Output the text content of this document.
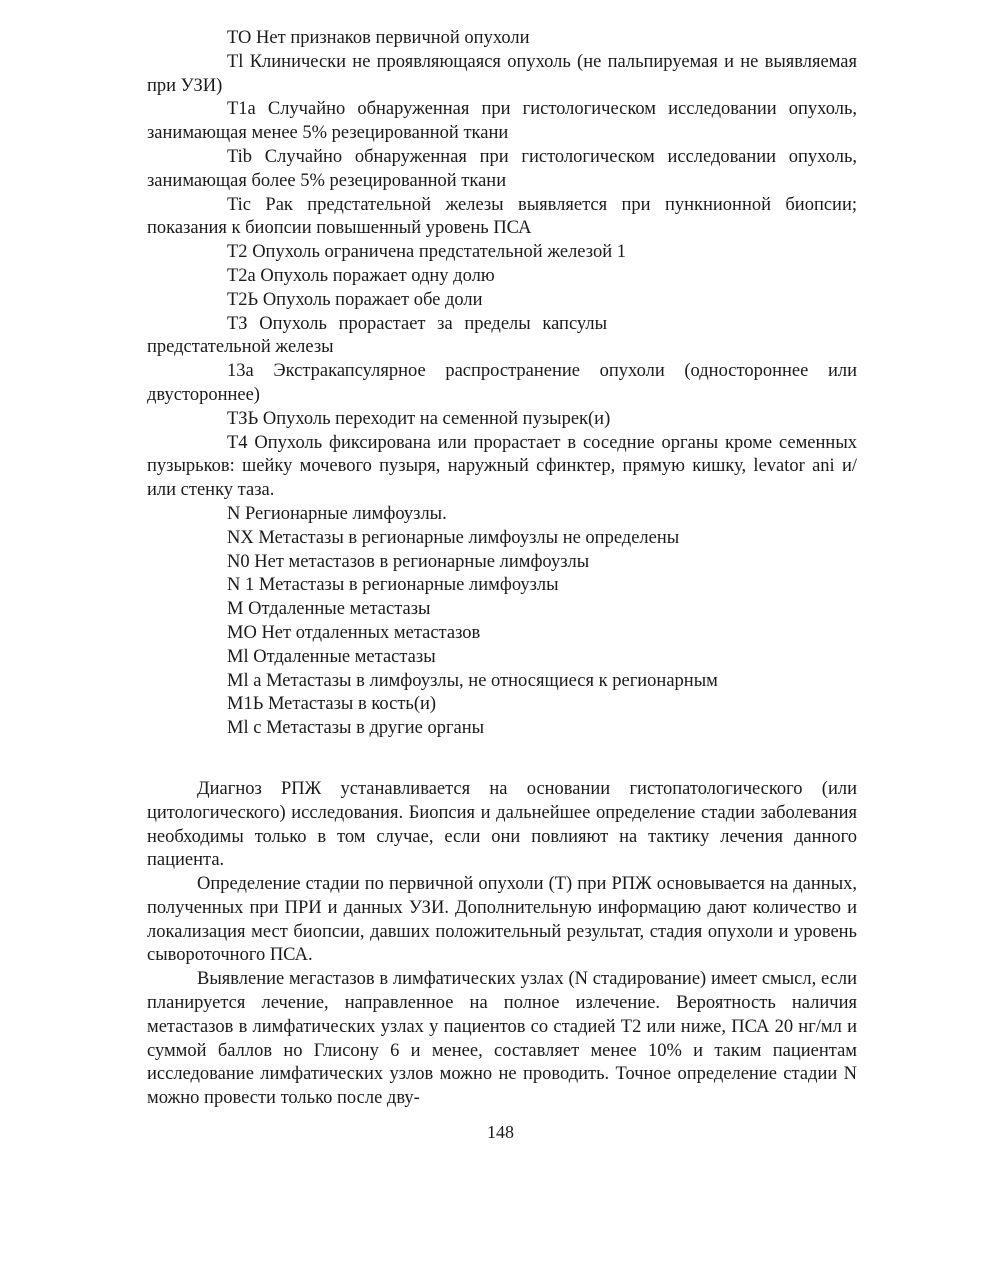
ТО Нет признаков первичной опухоли

Tl Клинически не проявляющаяся опухоль (не пальпируемая и не выявляемая при УЗИ)

Т1а Случайно обнаруженная при гистологическом исследовании опухоль, занимающая менее 5% резецированной ткани

Tib Случайно обнаруженная при гистологическом исследовании опухоль, занимающая более 5% резецированной ткани

Tic Рак предстательной железы выявляется при пункнионной биопсии; показания к биопсии повышенный уровень ПСА

Т2 Опухоль ограничена предстательной железой 1

Т2а Опухоль поражает одну долю

Т2Ь Опухоль поражает обе доли

ТЗ Опухоль прорастает за пределы капсулы предстательной железы

13а Экстракапсулярное распространение опухоли (одностороннее или двустороннее)

ТЗЬ Опухоль переходит на семенной пузырек(и)

Т4 Опухоль фиксирована или прорастает в соседние органы кроме семенных пузырьков: шейку мочевого пузыря, наружный сфинктер, прямую кишку, levator ani и/или стенку таза.

N Регионарные лимфоузлы.

NX Метастазы в регионарные лимфоузлы не определены

N0 Нет метастазов в регионарные лимфоузлы

N 1 Метастазы в регионарные лимфоузлы

М Отдаленные метастазы

МО Нет отдаленных метастазов

Ml Отдаленные метастазы

Ml а Метастазы в лимфоузлы, не относящиеся к регионарным

М1Ь Метастазы в кость(и)

Ml с Метастазы в другие органы

Диагноз РПЖ устанавливается на основании гистопатологического (или цитологического) исследования. Биопсия и дальнейшее определение стадии заболевания необходимы только в том случае, если они повлияют на тактику лечения данного пациента.

Определение стадии по первичной опухоли (Т) при РПЖ основывается на данных, полученных при ПРИ и данных УЗИ. Дополнительную информацию дают количество и локализация мест биопсии, давших положительный результат, стадия опухоли и уровень сывороточного ПСА.

Выявление мегастазов в лимфатических узлах (N стадирование) имеет смысл, если планируется лечение, направленное на полное излечение. Вероятность наличия метастазов в лимфатических узлах у пациентов со стадией Т2 или ниже, ПСА 20 нг/мл и суммой баллов но Глисону 6 и менее, составляет менее 10% и таким пациентам исследование лимфатических узлов можно не проводить. Точное определение стадии N можно провести только после дву-

148
